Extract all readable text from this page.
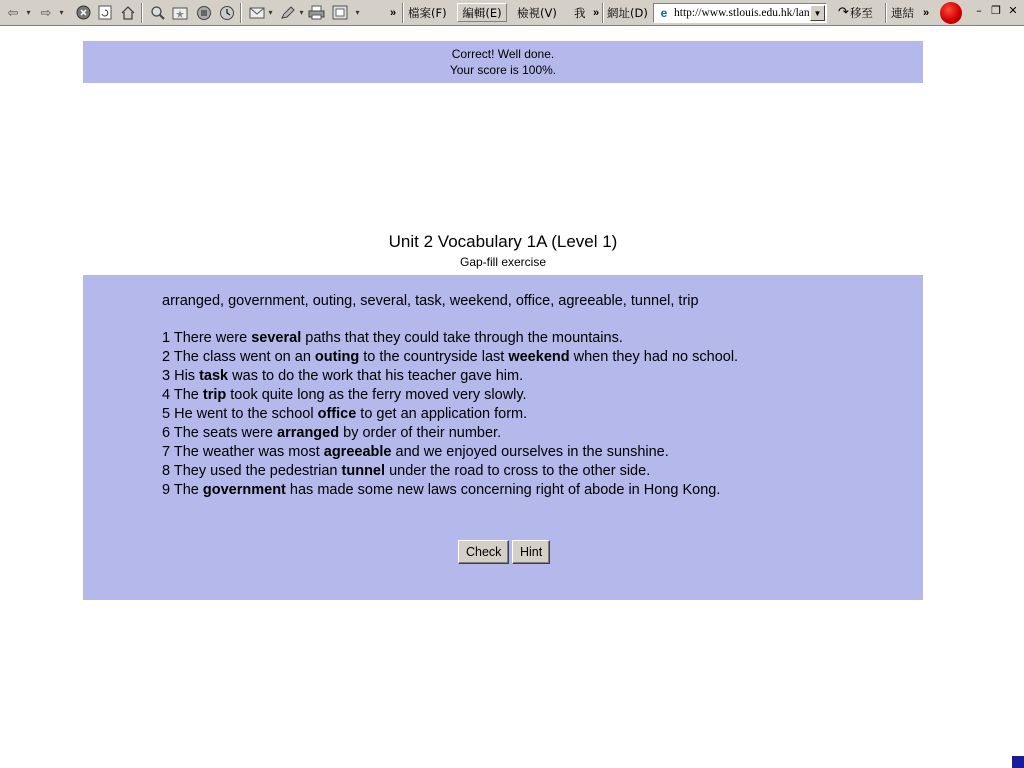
⇦	▾ ⇨	▾	▾	▾	▾	» 檔案(F)	編輯(E)	檢視(V) 我 » 網址(D)	e http://www.stlouis.edu.hk/lan ▼ ↷ 移至 連結 »	– ❐ ✕
Correct! Well done.
Your score is 100%.
Unit 2 Vocabulary 1A (Level 1)
Gap-fill exercise
arranged, government, outing, several, task, weekend, office, agreeable, tunnel, trip
1 There were several paths that they could take through the mountains.
2 The class went on an outing to the countryside last weekend when they had no school.
3 His task was to do the work that his teacher gave him.
4 The trip took quite long as the ferry moved very slowly.
5 He went to the school office to get an application form.
6 The seats were arranged by order of their number.
7 The weather was most agreeable and we enjoyed ourselves in the sunshine.
8 They used the pedestrian tunnel under the road to cross to the other side.
9 The government has made some new laws concerning right of abode in Hong Kong.
Check	Hint
